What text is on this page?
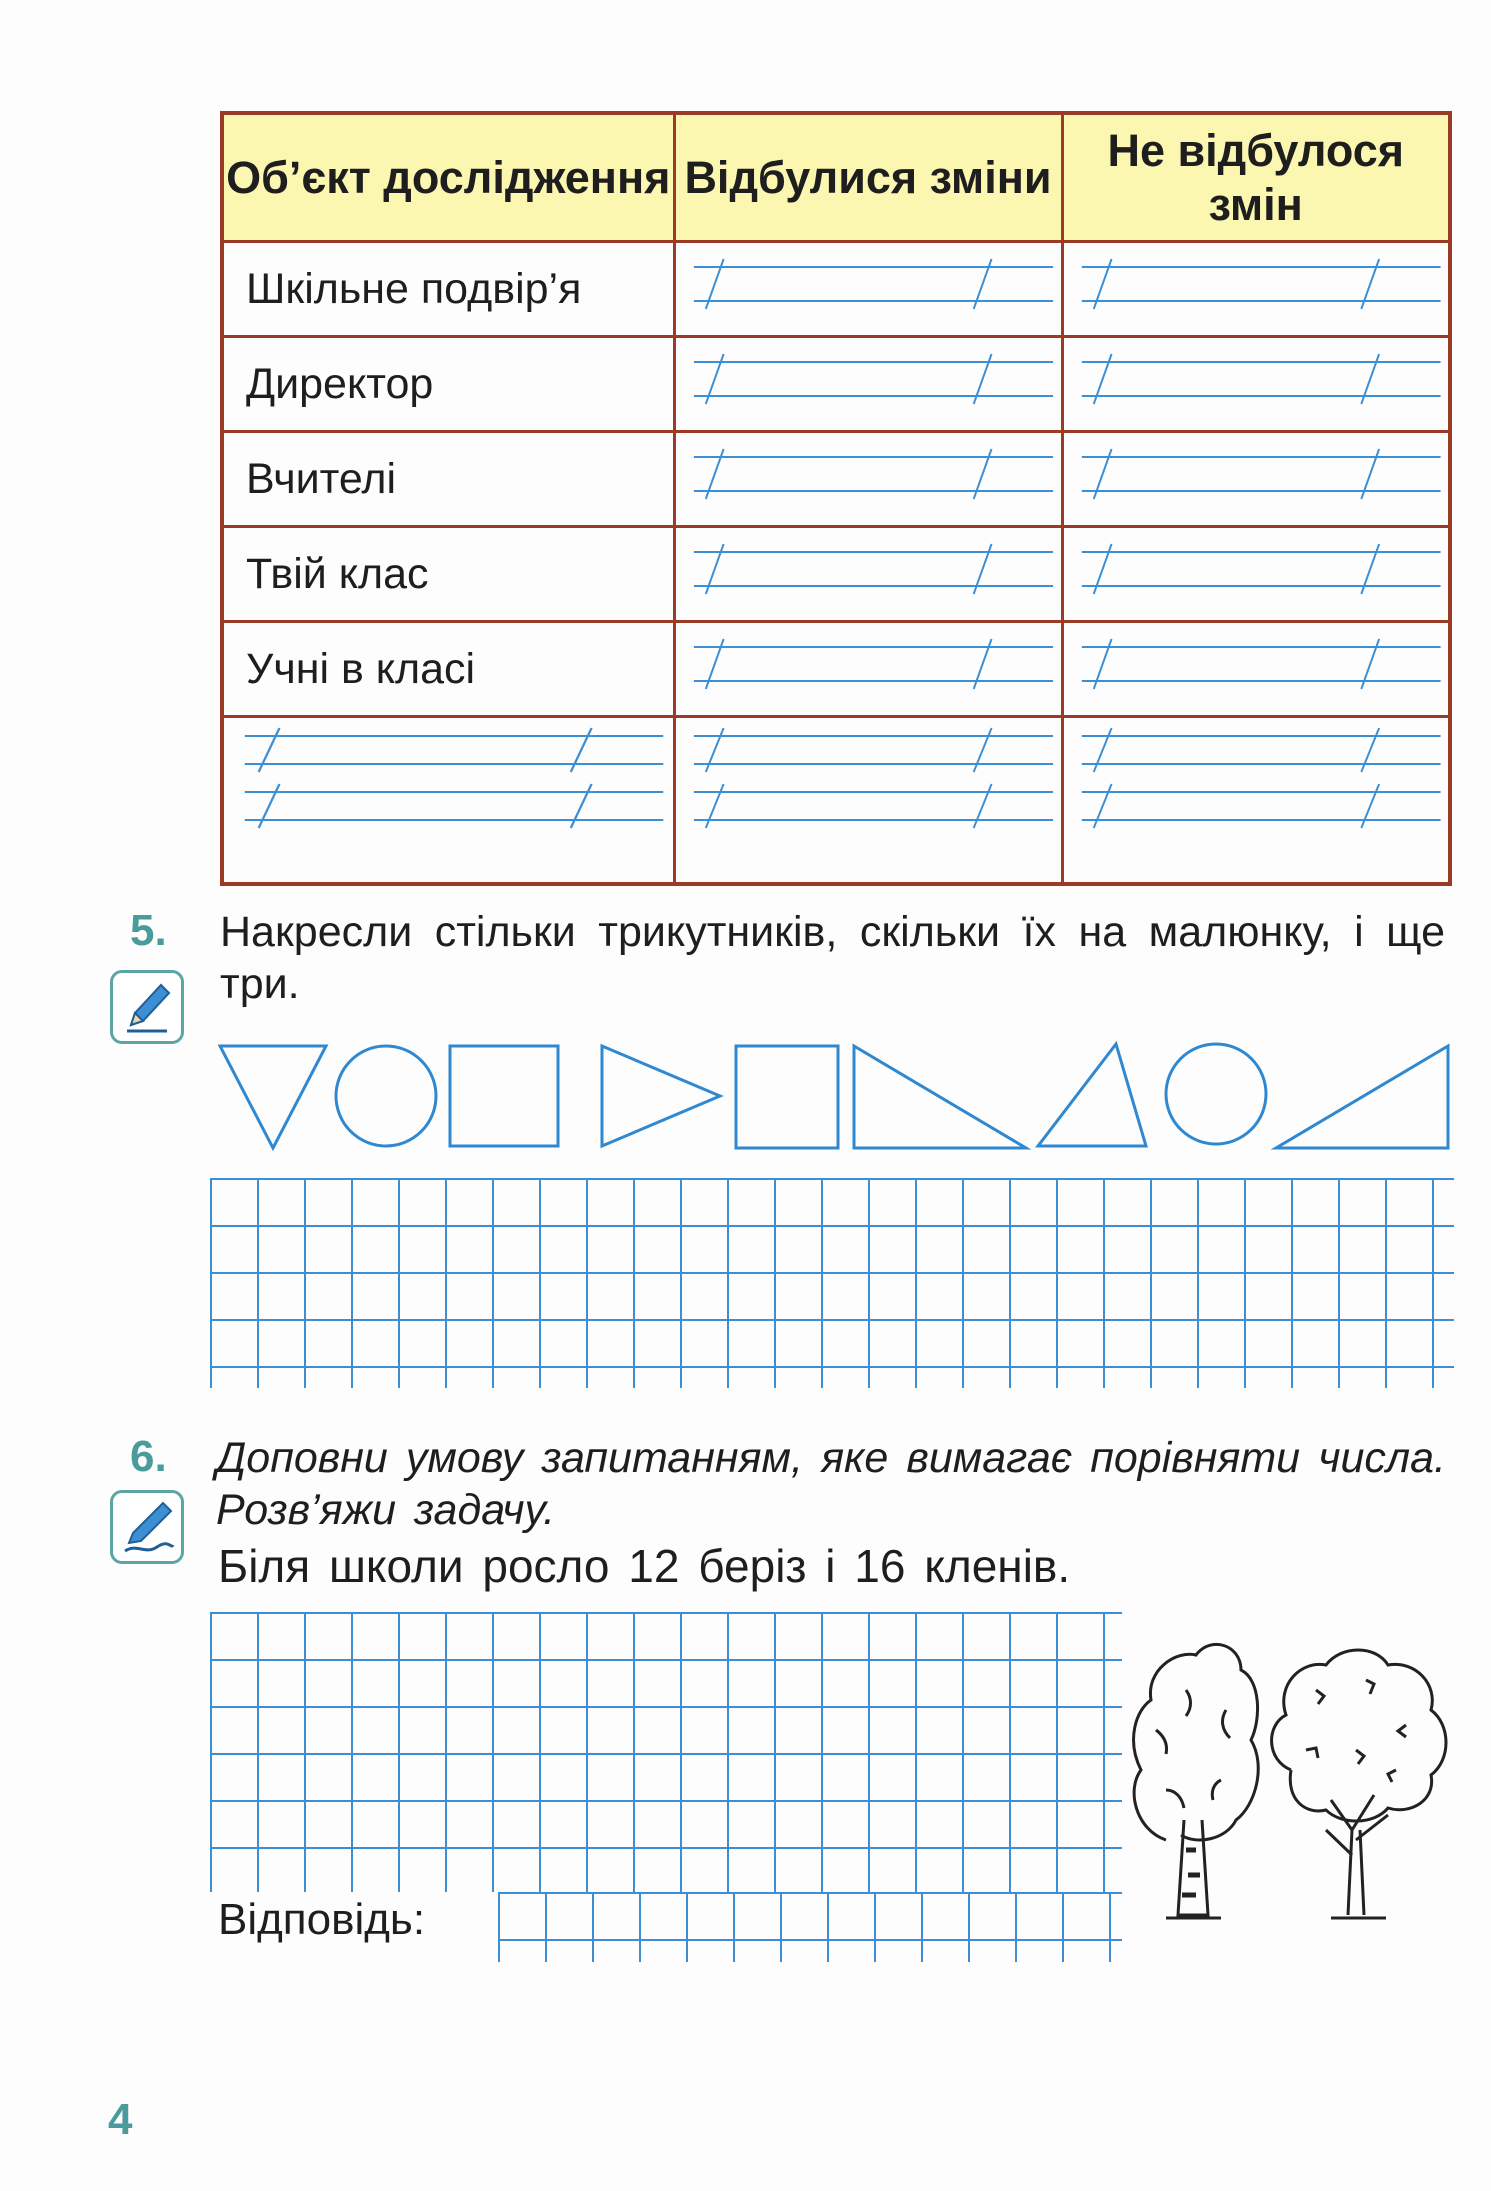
Об’єкт дослідження	Відбулися зміни	Не відбулося змін
Шкільне подвір’я	

Директор	

Вчителі	

Твій клас	

Учні в класі	

5. Накресли стільки трикутників, скільки їх на малюнку, і ще три.
6. Доповни умову запитанням, яке вимагає порівняти числа. Розв’яжи задачу.
Біля школи росло 12 беріз і 16 кленів.
Відповідь:
4
